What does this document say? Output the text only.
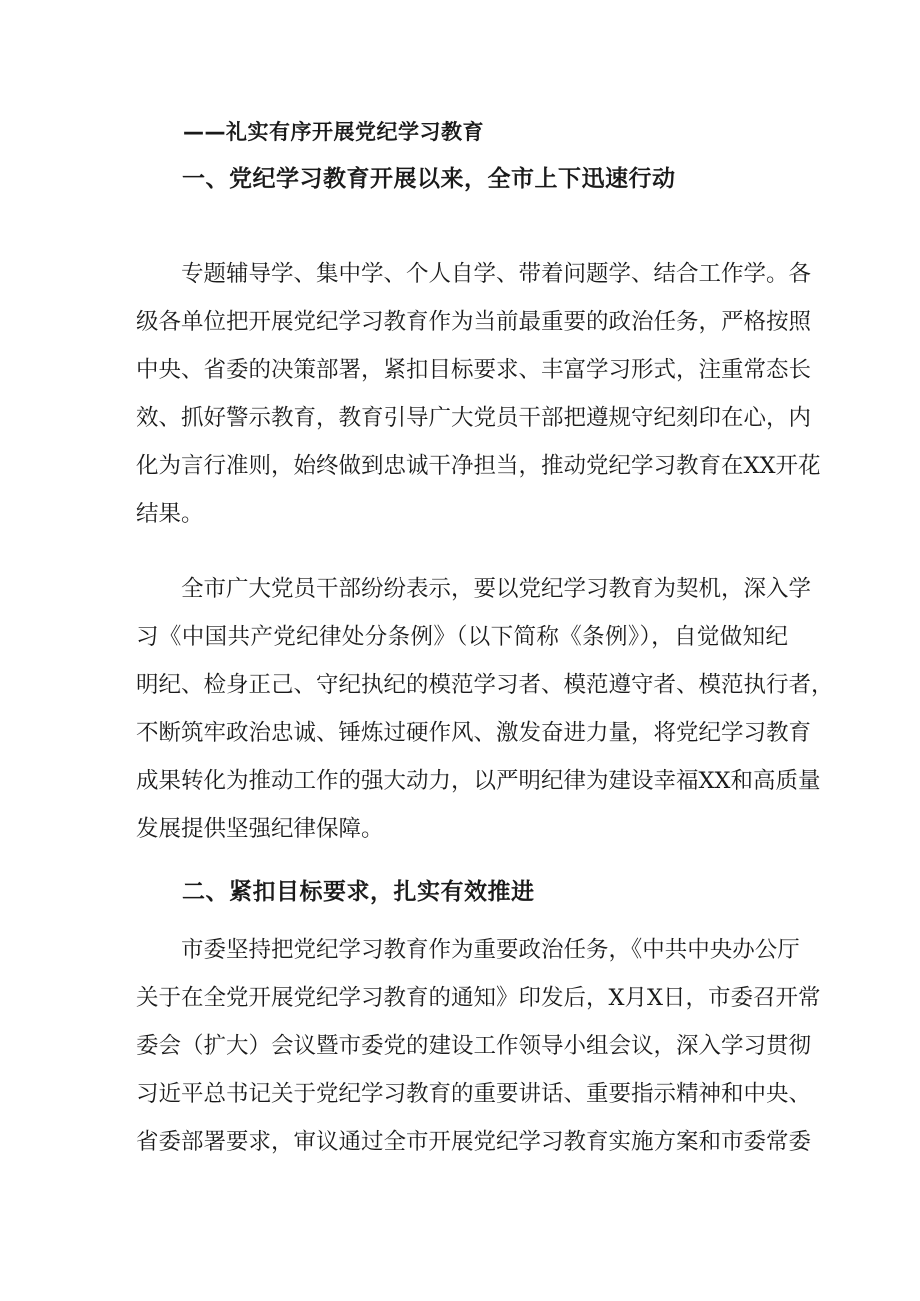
——礼实有序开展党纪学习教育

一、党纪学习教育开展以来，全市上下迅速行动

专题辅导学、集中学、个人自学、带着问题学、结合工作学。各
级各单位把开展党纪学习教育作为当前最重要的政治任务，严格按照
中央、省委的决策部署，紧扣目标要求、丰富学习形式，注重常态长
效、抓好警示教育，教育引导广大党员干部把遵规守纪刻印在心，内
化为言行准则，始终做到忠诚干净担当，推动党纪学习教育在XX开花
结果。
全市广大党员干部纷纷表示，要以党纪学习教育为契机，深入学
习《中国共产党纪律处分条例》（以下简称《条例》），自觉做知纪
明纪、检身正己、守纪执纪的模范学习者、模范遵守者、模范执行者，
不断筑牢政治忠诚、锤炼过硬作风、激发奋进力量，将党纪学习教育
成果转化为推动工作的强大动力，以严明纪律为建设幸福XX和高质量
发展提供坚强纪律保障。

二、紧扣目标要求，扎实有效推进

市委坚持把党纪学习教育作为重要政治任务，《中共中央办公厅
关于在全党开展党纪学习教育的通知》印发后，X月X日，市委召开常
委会（扩大）会议暨市委党的建设工作领导小组会议，深入学习贯彻
习近平总书记关于党纪学习教育的重要讲话、重要指示精神和中央、
省委部署要求，审议通过全市开展党纪学习教育实施方案和市委常委
